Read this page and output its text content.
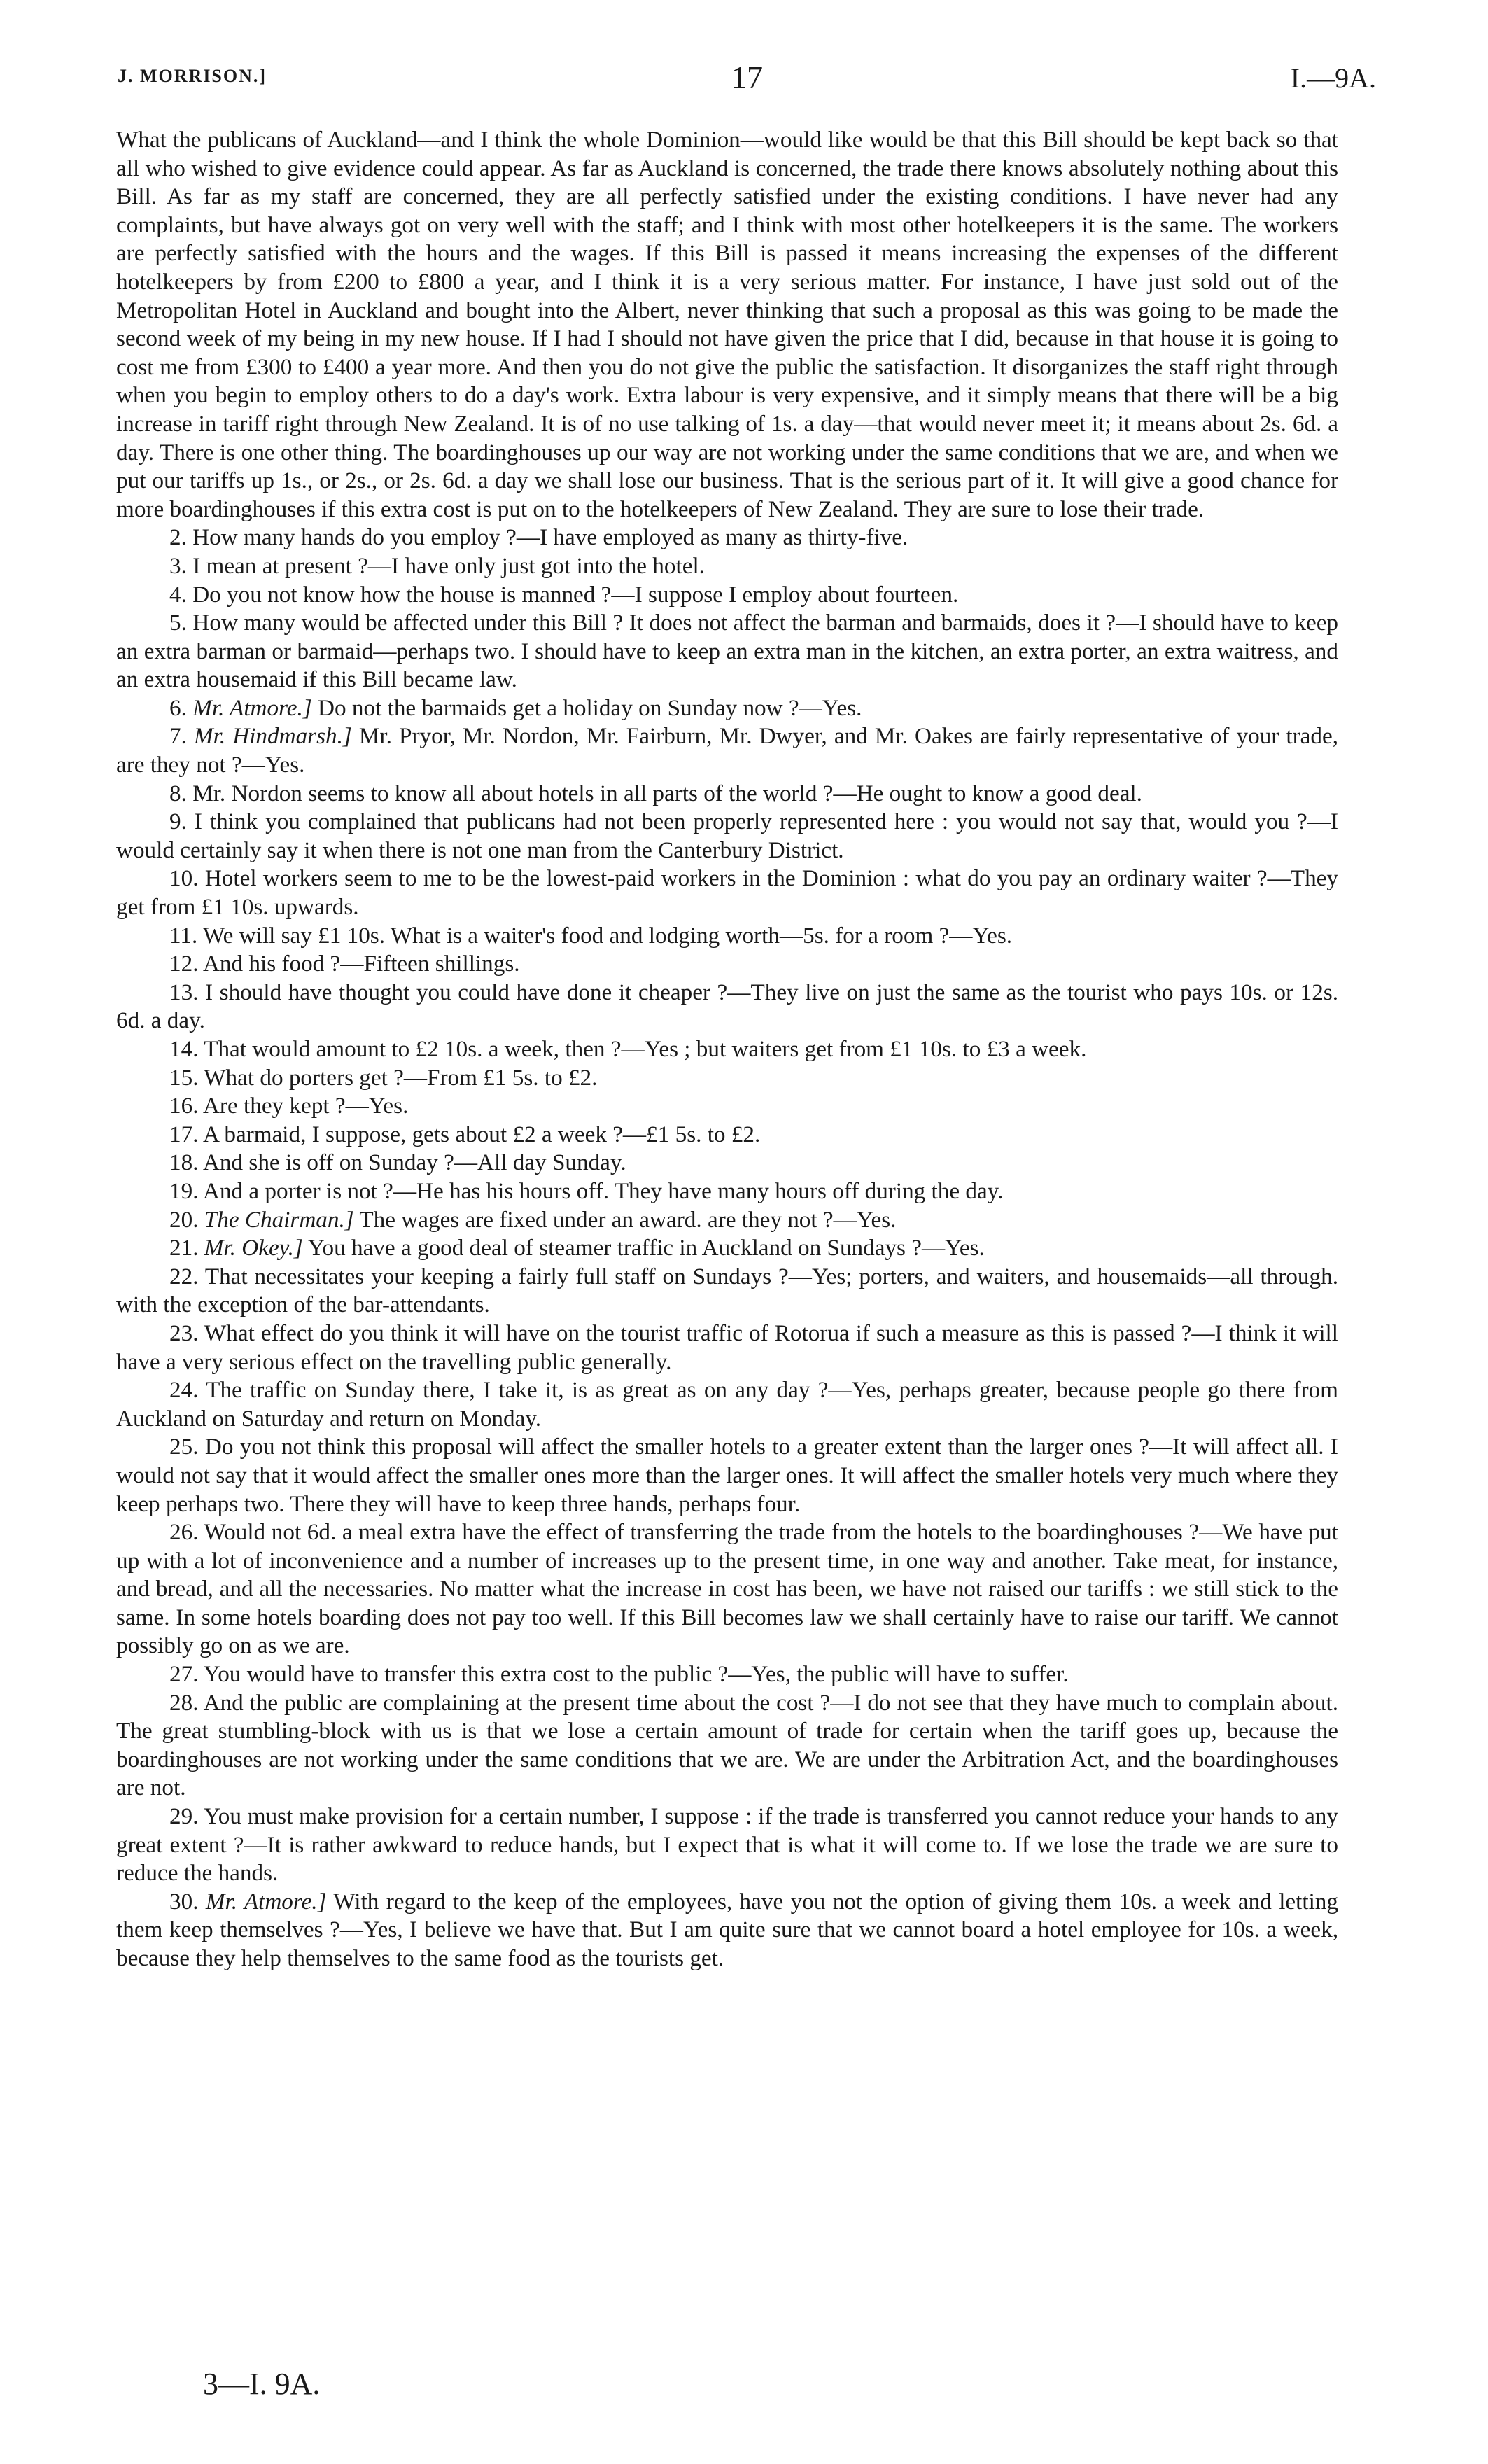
J. MORRISON.]	17	I.—9A.

What the publicans of Auckland—and I think the whole Dominion—would like would be that this Bill should be kept back so that all who wished to give evidence could appear. As far as Auckland is concerned, the trade there knows absolutely nothing about this Bill. As far as my staff are concerned, they are all perfectly satisfied under the existing conditions. I have never had any complaints, but have always got on very well with the staff; and I think with most other hotelkeepers it is the same. The workers are perfectly satisfied with the hours and the wages. If this Bill is passed it means increasing the expenses of the different hotelkeepers by from £200 to £800 a year, and I think it is a very serious matter. For instance, I have just sold out of the Metropolitan Hotel in Auckland and bought into the Albert, never thinking that such a proposal as this was going to be made the second week of my being in my new house. If I had I should not have given the price that I did, because in that house it is going to cost me from £300 to £400 a year more. And then you do not give the public the satisfaction. It disorganizes the staff right through when you begin to employ others to do a day's work. Extra labour is very expensive, and it simply means that there will be a big increase in tariff right through New Zealand. It is of no use talking of 1s. a day—that would never meet it; it means about 2s. 6d. a day. There is one other thing. The boardinghouses up our way are not working under the same conditions that we are, and when we put our tariffs up 1s., or 2s., or 2s. 6d. a day we shall lose our business. That is the serious part of it. It will give a good chance for more boardinghouses if this extra cost is put on to the hotelkeepers of New Zealand. They are sure to lose their trade.

2. How many hands do you employ ?—I have employed as many as thirty-five.

3. I mean at present ?—I have only just got into the hotel.

4. Do you not know how the house is manned ?—I suppose I employ about fourteen.

5. How many would be affected under this Bill ? It does not affect the barman and barmaids, does it ?—I should have to keep an extra barman or barmaid—perhaps two. I should have to keep an extra man in the kitchen, an extra porter, an extra waitress, and an extra housemaid if this Bill became law.

6. Mr. Atmore.] Do not the barmaids get a holiday on Sunday now ?—Yes.

7. Mr. Hindmarsh.] Mr. Pryor, Mr. Nordon, Mr. Fairburn, Mr. Dwyer, and Mr. Oakes are fairly representative of your trade, are they not ?—Yes.

8. Mr. Nordon seems to know all about hotels in all parts of the world ?—He ought to know a good deal.

9. I think you complained that publicans had not been properly represented here : you would not say that, would you ?—I would certainly say it when there is not one man from the Canterbury District.

10. Hotel workers seem to me to be the lowest-paid workers in the Dominion : what do you pay an ordinary waiter ?—They get from £1 10s. upwards.

11. We will say £1 10s. What is a waiter's food and lodging worth—5s. for a room ?—Yes.

12. And his food ?—Fifteen shillings.

13. I should have thought you could have done it cheaper ?—They live on just the same as the tourist who pays 10s. or 12s. 6d. a day.

14. That would amount to £2 10s. a week, then ?—Yes ; but waiters get from £1 10s. to £3 a week.

15. What do porters get ?—From £1 5s. to £2.

16. Are they kept ?—Yes.

17. A barmaid, I suppose, gets about £2 a week ?—£1 5s. to £2.

18. And she is off on Sunday ?—All day Sunday.

19. And a porter is not ?—He has his hours off. They have many hours off during the day.

20. The Chairman.] The wages are fixed under an award. are they not ?—Yes.

21. Mr. Okey.] You have a good deal of steamer traffic in Auckland on Sundays ?—Yes.

22. That necessitates your keeping a fairly full staff on Sundays ?—Yes; porters, and waiters, and housemaids—all through. with the exception of the bar-attendants.

23. What effect do you think it will have on the tourist traffic of Rotorua if such a measure as this is passed ?—I think it will have a very serious effect on the travelling public generally.

24. The traffic on Sunday there, I take it, is as great as on any day ?—Yes, perhaps greater, because people go there from Auckland on Saturday and return on Monday.

25. Do you not think this proposal will affect the smaller hotels to a greater extent than the larger ones ?—It will affect all. I would not say that it would affect the smaller ones more than the larger ones. It will affect the smaller hotels very much where they keep perhaps two. There they will have to keep three hands, perhaps four.

26. Would not 6d. a meal extra have the effect of transferring the trade from the hotels to the boardinghouses ?—We have put up with a lot of inconvenience and a number of increases up to the present time, in one way and another. Take meat, for instance, and bread, and all the necessaries. No matter what the increase in cost has been, we have not raised our tariffs : we still stick to the same. In some hotels boarding does not pay too well. If this Bill becomes law we shall certainly have to raise our tariff. We cannot possibly go on as we are.

27. You would have to transfer this extra cost to the public ?—Yes, the public will have to suffer.

28. And the public are complaining at the present time about the cost ?—I do not see that they have much to complain about. The great stumbling-block with us is that we lose a certain amount of trade for certain when the tariff goes up, because the boardinghouses are not working under the same conditions that we are. We are under the Arbitration Act, and the boardinghouses are not.

29. You must make provision for a certain number, I suppose : if the trade is transferred you cannot reduce your hands to any great extent ?—It is rather awkward to reduce hands, but I expect that is what it will come to. If we lose the trade we are sure to reduce the hands.

30. Mr. Atmore.] With regard to the keep of the employees, have you not the option of giving them 10s. a week and letting them keep themselves ?—Yes, I believe we have that. But I am quite sure that we cannot board a hotel employee for 10s. a week, because they help themselves to the same food as the tourists get.

3—I. 9A.
